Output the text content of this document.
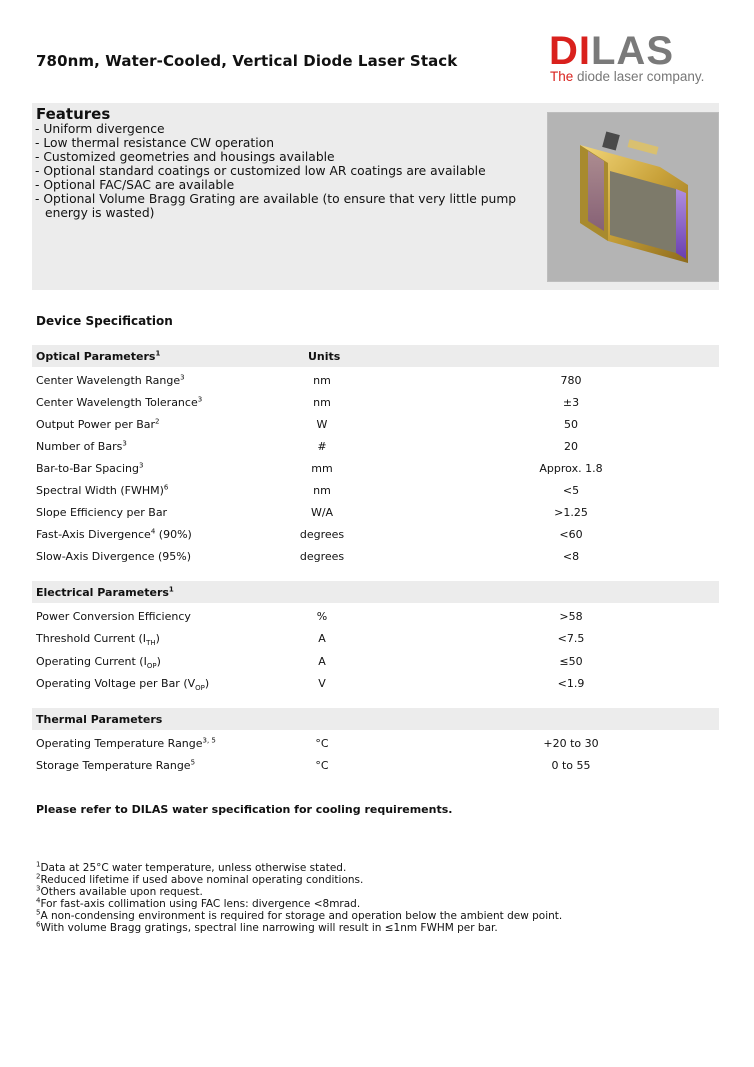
780nm, Water-Cooled, Vertical Diode Laser Stack DILAS
The diode laser company.
Features
- Uniform divergence
- Low thermal resistance CW operation
- Customized geometries and housings available
- Optional standard coatings or customized low AR coatings are available
- Optional FAC/SAC are available
- Optional Volume Bragg Grating are available (to ensure that very little pump energy is wasted)
Device Specification
Optical Parameters$^1$	Units
Center Wavelength Range$^3$	nm	780
Center Wavelength Tolerance$^3$	nm	±3
Output Power per Bar$^2$	W	50
Number of Bars$^3$	#	20
Bar-to-Bar Spacing$^3$	mm	Approx. 1.8
Spectral Width (FWHM)$^6$	nm	<5
Slope Efficiency per Bar	W/A	>1.25
Fast-Axis Divergence$^4$ (90%)	degrees	<60
Slow-Axis Divergence (95%)	degrees	<8
Electrical Parameters$^1$
Power Conversion Efficiency	%	>58
Threshold Current $(I_{TH})$	A	<7.5
Operating Current $(I_{OP})$	A	≤50
Operating Voltage per Bar $(V_{OP})$	V	<1.9
Thermal Parameters
Operating Temperature Range$^{3, 5}$	°C	+20 to 30
Storage Temperature Range$^5$	°C	0 to 55
Please refer to DILAS water specification for cooling requirements.
$^1$Data at 25°C water temperature, unless otherwise stated.
$^2$Reduced lifetime if used above nominal operating conditions.
$^3$Others available upon request.
$^4$For fast-axis collimation using FAC lens: divergence <8mrad.
$^5$A non-condensing environment is required for storage and operation below the ambient dew point.
$^6$With volume Bragg gratings, spectral line narrowing will result in ≤1nm FWHM per bar.
